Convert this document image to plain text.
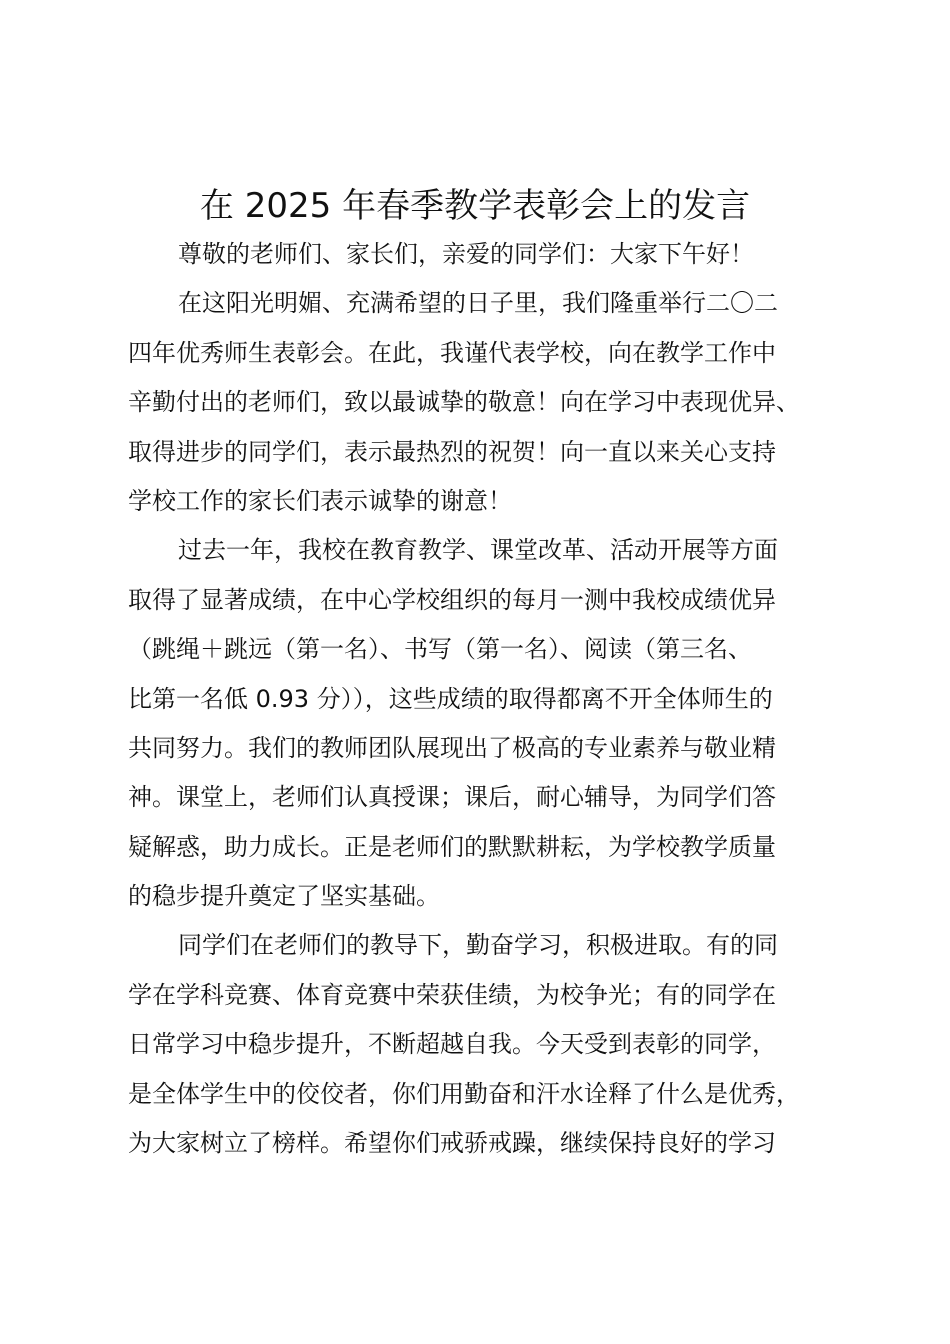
在 2025 年春季教学表彰会上的发言
尊敬的老师们、家长们，亲爱的同学们：大家下午好！
在这阳光明媚、充满希望的日子里，我们隆重举行二〇二
四年优秀师生表彰会。在此，我谨代表学校，向在教学工作中
辛勤付出的老师们，致以最诚挚的敬意！向在学习中表现优异、
取得进步的同学们，表示最热烈的祝贺！向一直以来关心支持
学校工作的家长们表示诚挚的谢意！
过去一年，我校在教育教学、课堂改革、活动开展等方面
取得了显著成绩，在中心学校组织的每月一测中我校成绩优异
（跳绳＋跳远（第一名）、书写（第一名）、阅读（第三名、
比第一名低 0.93 分）），这些成绩的取得都离不开全体师生的
共同努力。我们的教师团队展现出了极高的专业素养与敬业精
神。课堂上，老师们认真授课；课后，耐心辅导，为同学们答
疑解惑，助力成长。正是老师们的默默耕耘，为学校教学质量
的稳步提升奠定了坚实基础。
同学们在老师们的教导下，勤奋学习，积极进取。有的同
学在学科竞赛、体育竞赛中荣获佳绩，为校争光；有的同学在
日常学习中稳步提升，不断超越自我。今天受到表彰的同学，
是全体学生中的佼佼者，你们用勤奋和汗水诠释了什么是优秀，
为大家树立了榜样。希望你们戒骄戒躁，继续保持良好的学习
